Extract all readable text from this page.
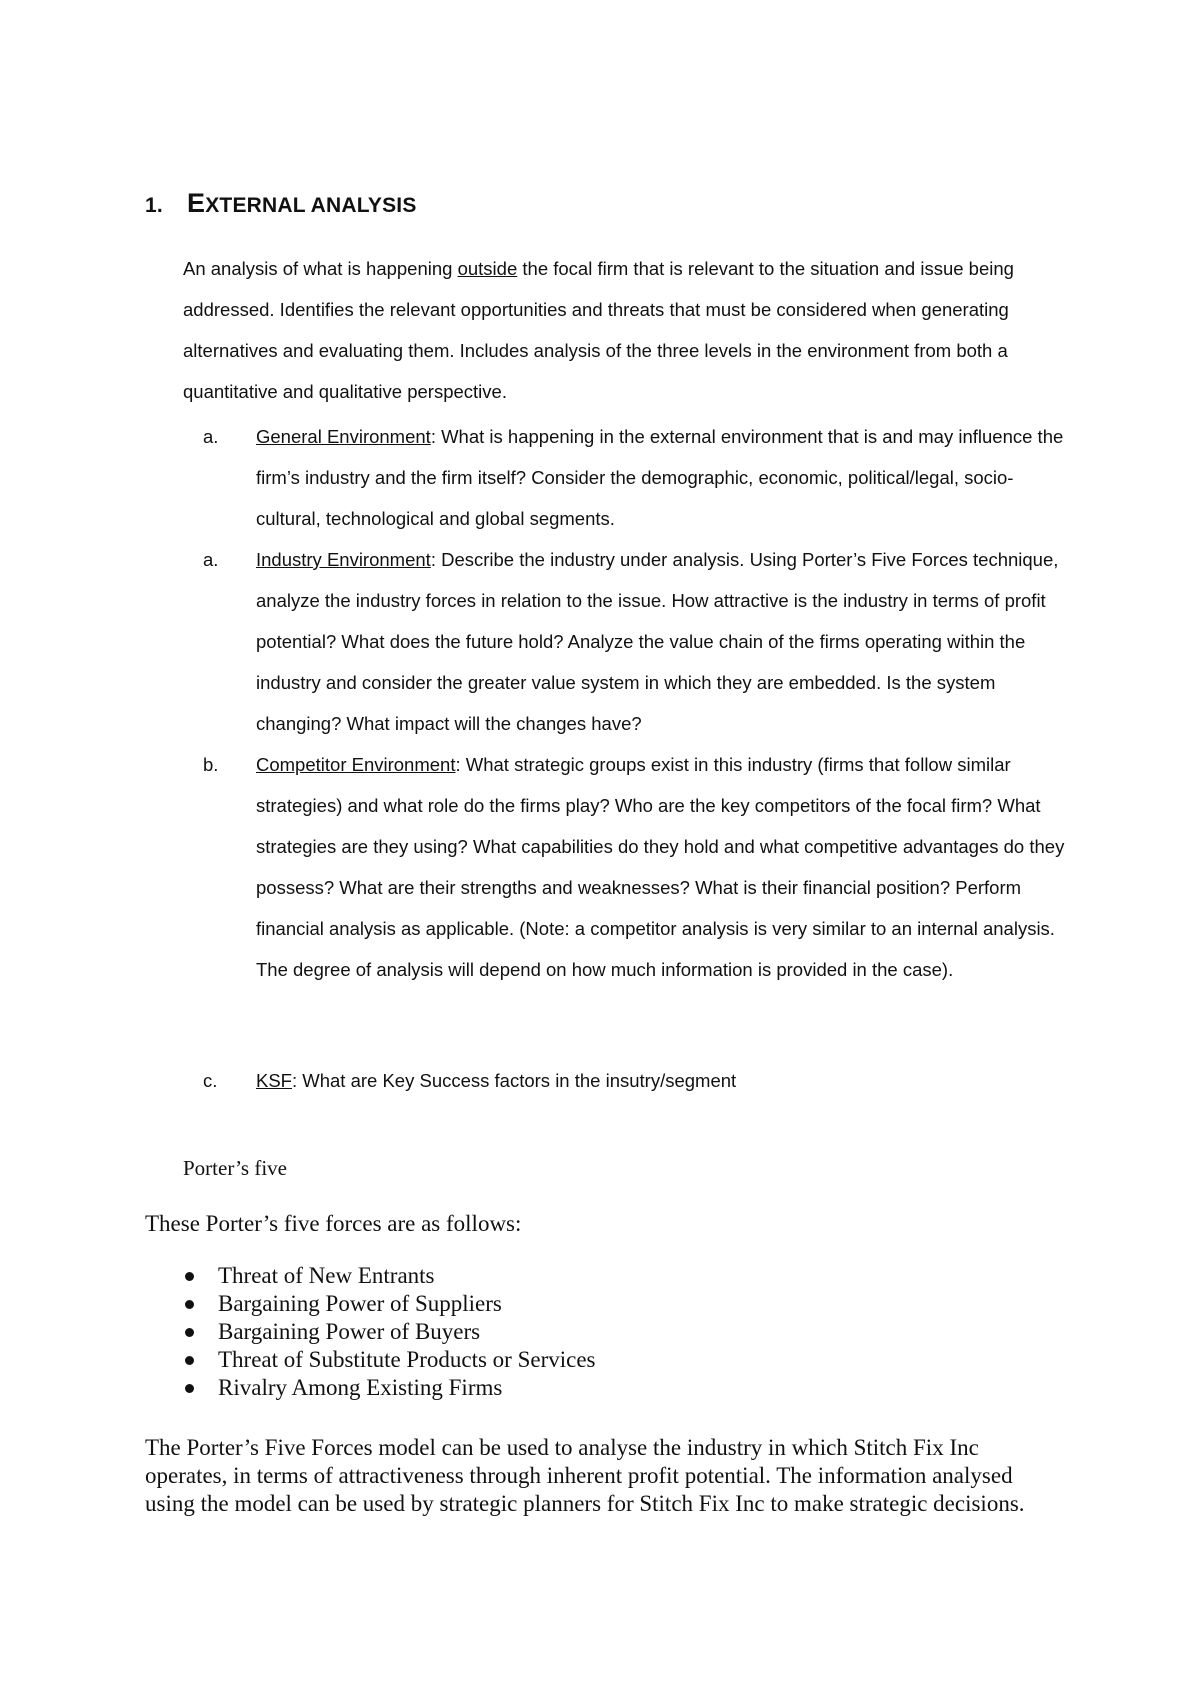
1. EXTERNAL ANALYSIS

An analysis of what is happening outside the focal firm that is relevant to the situation and issue being addressed. Identifies the relevant opportunities and threats that must be considered when generating alternatives and evaluating them. Includes analysis of the three levels in the environment from both a quantitative and qualitative perspective.

a.	General Environment: What is happening in the external environment that is and may influence the firm’s industry and the firm itself? Consider the demographic, economic, political/legal, socio-cultural, technological and global segments.
a.	Industry Environment: Describe the industry under analysis. Using Porter’s Five Forces technique, analyze the industry forces in relation to the issue. How attractive is the industry in terms of profit potential? What does the future hold? Analyze the value chain of the firms operating within the industry and consider the greater value system in which they are embedded. Is the system changing? What impact will the changes have?
b.	Competitor Environment: What strategic groups exist in this industry (firms that follow similar strategies) and what role do the firms play? Who are the key competitors of the focal firm? What strategies are they using? What capabilities do they hold and what competitive advantages do they possess? What are their strengths and weaknesses? What is their financial position? Perform financial analysis as applicable. (Note: a competitor analysis is very similar to an internal analysis. The degree of analysis will depend on how much information is provided in the case).
c.	KSF: What are Key Success factors in the insutry/segment

Porter’s five

These Porter’s five forces are as follows:

Threat of New Entrants
Bargaining Power of Suppliers
Bargaining Power of Buyers
Threat of Substitute Products or Services
Rivalry Among Existing Firms

The Porter’s Five Forces model can be used to analyse the industry in which Stitch Fix Inc operates, in terms of attractiveness through inherent profit potential. The information analysed using the model can be used by strategic planners for Stitch Fix Inc to make strategic decisions.
